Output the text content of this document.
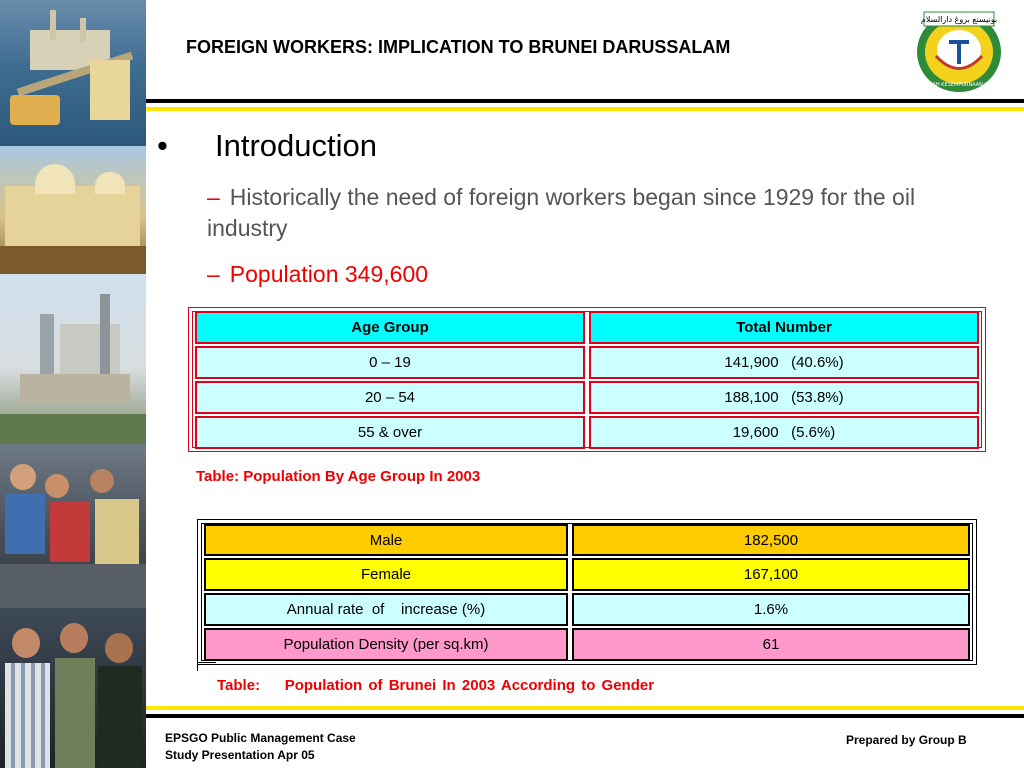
FOREIGN WORKERS: IMPLICATION TO BRUNEI DARUSSALAM
بونيسنع بروڠ دارالسلام
KE ARAH KESEMPURNAAN INSAN
• Introduction
– Historically the need of foreign workers began since 1929 for the oil industry
– Population 349,600
Age Group	Total Number
0 – 19	141,900   (40.6%)
20 – 54	188,100   (53.8%)
55 & over	19,600   (5.6%)
Table: Population By Age Group In 2003
Male	182,500
Female	167,100
Annual rate  of    increase (%)	1.6%
Population Density (per sq.km)	61
Table:    Population of Brunei In 2003 According to Gender
EPSGO Public Management Case
Study Presentation Apr 05
Prepared by Group B
